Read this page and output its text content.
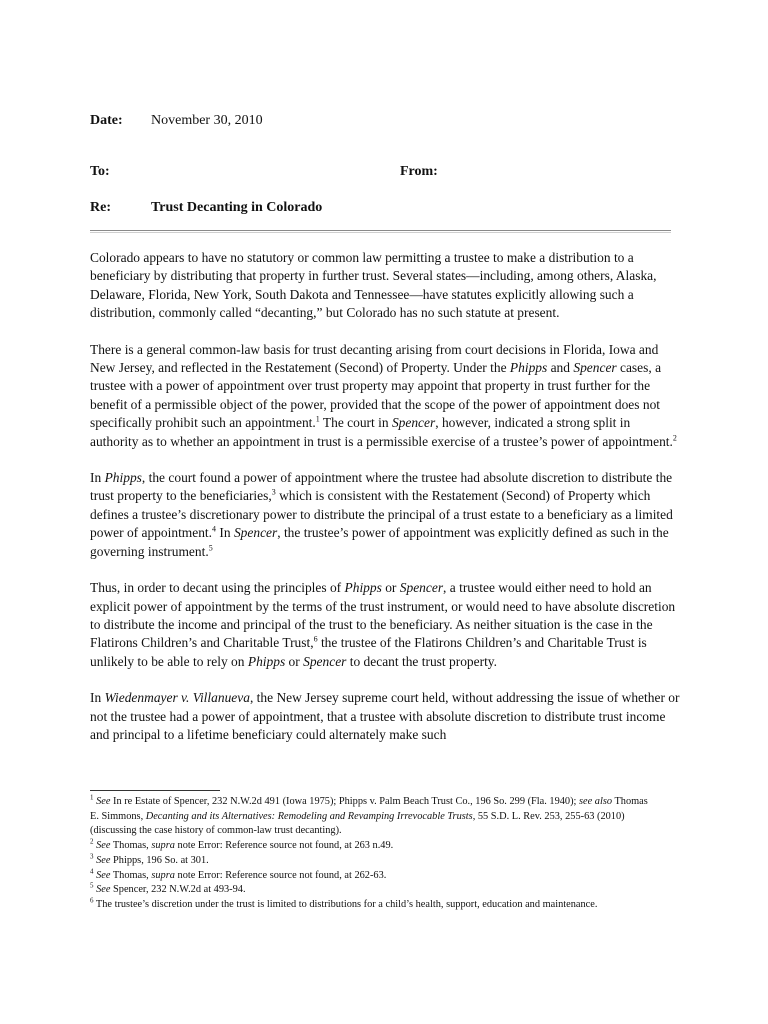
Date: November 30, 2010
To:	From:
Re:	Trust Decanting in Colorado

Colorado appears to have no statutory or common law permitting a trustee to make a distribution to a beneficiary by distributing that property in further trust. Several states—including, among others, Alaska, Delaware, Florida, New York, South Dakota and Tennessee—have statutes explicitly allowing such a distribution, commonly called “decanting,” but Colorado has no such statute at present.

There is a general common-law basis for trust decanting arising from court decisions in Florida, Iowa and New Jersey, and reflected in the Restatement (Second) of Property. Under the Phipps and Spencer cases, a trustee with a power of appointment over trust property may appoint that property in trust further for the benefit of a permissible object of the power, provided that the scope of the power of appointment does not specifically prohibit such an appointment.$^1$ The court in Spencer, however, indicated a strong split in authority as to whether an appointment in trust is a permissible exercise of a trustee’s power of appointment.$^2$

In Phipps, the court found a power of appointment where the trustee had absolute discretion to distribute the trust property to the beneficiaries,$^3$ which is consistent with the Restatement (Second) of Property which defines a trustee’s discretionary power to distribute the principal of a trust estate to a beneficiary as a limited power of appointment.$^4$ In Spencer, the trustee’s power of appointment was explicitly defined as such in the governing instrument.$^5$

Thus, in order to decant using the principles of Phipps or Spencer, a trustee would either need to hold an explicit power of appointment by the terms of the trust instrument, or would need to have absolute discretion to distribute the income and principal of the trust to the beneficiary. As neither situation is the case in the Flatirons Children’s and Charitable Trust,$^6$ the trustee of the Flatirons Children’s and Charitable Trust is unlikely to be able to rely on Phipps or Spencer to decant the trust property.

In Wiedenmayer v. Villanueva, the New Jersey supreme court held, without addressing the issue of whether or not the trustee had a power of appointment, that a trustee with absolute discretion to distribute trust income and principal to a lifetime beneficiary could alternately make such

$^1$ See In re Estate of Spencer, 232 N.W.2d 491 (Iowa 1975); Phipps v. Palm Beach Trust Co., 196 So. 299 (Fla. 1940); see also Thomas E. Simmons, Decanting and its Alternatives: Remodeling and Revamping Irrevocable Trusts, 55 S.D. L. Rev. 253, 255-63 (2010) (discussing the case history of common-law trust decanting).
$^2$ See Thomas, supra note Error: Reference source not found, at 263 n.49.
$^3$ See Phipps, 196 So. at 301.
$^4$ See Thomas, supra note Error: Reference source not found, at 262-63.
$^5$ See Spencer, 232 N.W.2d at 493-94.
$^6$ The trustee’s discretion under the trust is limited to distributions for a child’s health, support, education and maintenance.
